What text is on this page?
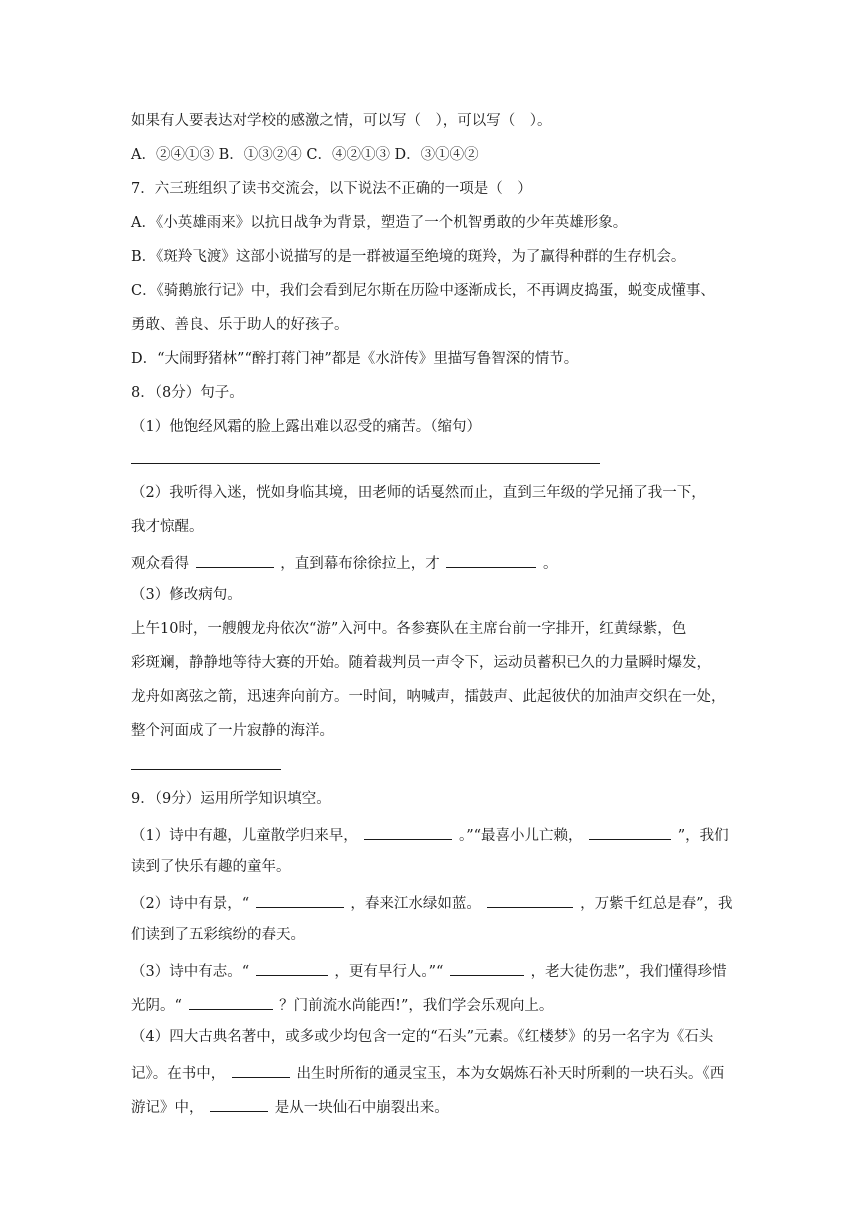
如果有人要表达对学校的感激之情，可以写（　），可以写（　）。
A．②④①③ B．①③②④ C．④②①③ D．③①④②
7．六三班组织了读书交流会，以下说法不正确的一项是（　）
A．《小英雄雨来》以抗日战争为背景，塑造了一个机智勇敢的少年英雄形象。
B．《斑羚飞渡》这部小说描写的是一群被逼至绝境的斑羚，为了赢得种群的生存机会。
C．《骑鹅旅行记》中，我们会看到尼尔斯在历险中逐渐成长，不再调皮捣蛋，蜕变成懂事、
勇敢、善良、乐于助人的好孩子。
D．“大闹野猪林”“醉打蒋门神”都是《水浒传》里描写鲁智深的情节。
8．（8分）句子。
（1）他饱经风霜的脸上露出难以忍受的痛苦。（缩句）
（2）我听得入迷，恍如身临其境，田老师的话戛然而止，直到三年级的学兄捅了我一下，
我才惊醒。
观众看得	，直到幕布徐徐拉上，才	。
（3）修改病句。
上午10时，一艘艘龙舟依次“游”入河中。各参赛队在主席台前一字排开，红黄绿紫，色
彩斑斓，静静地等待大赛的开始。随着裁判员一声令下，运动员蓄积已久的力量瞬时爆发，
龙舟如离弦之箭，迅速奔向前方。一时间，呐喊声，擂鼓声、此起彼伏的加油声交织在一处，
整个河面成了一片寂静的海洋。
9．（9分）运用所学知识填空。
（1）诗中有趣，儿童散学归来早，	。”“最喜小儿亡赖，	”，我们
读到了快乐有趣的童年。
（2）诗中有景，“	，春来江水绿如蓝。	，万紫千红总是春”，我
们读到了五彩缤纷的春天。
（3）诗中有志。“	，更有早行人。”“	，老大徒伤悲”，我们懂得珍惜
光阴。“	？门前流水尚能西!”，我们学会乐观向上。
（4）四大古典名著中，或多或少均包含一定的“石头”元素。《红楼梦》的另一名字为《石头
记》。在书中，	出生时所衔的通灵宝玉，本为女娲炼石补天时所剩的一块石头。《西
游记》中，	是从一块仙石中崩裂出来。
